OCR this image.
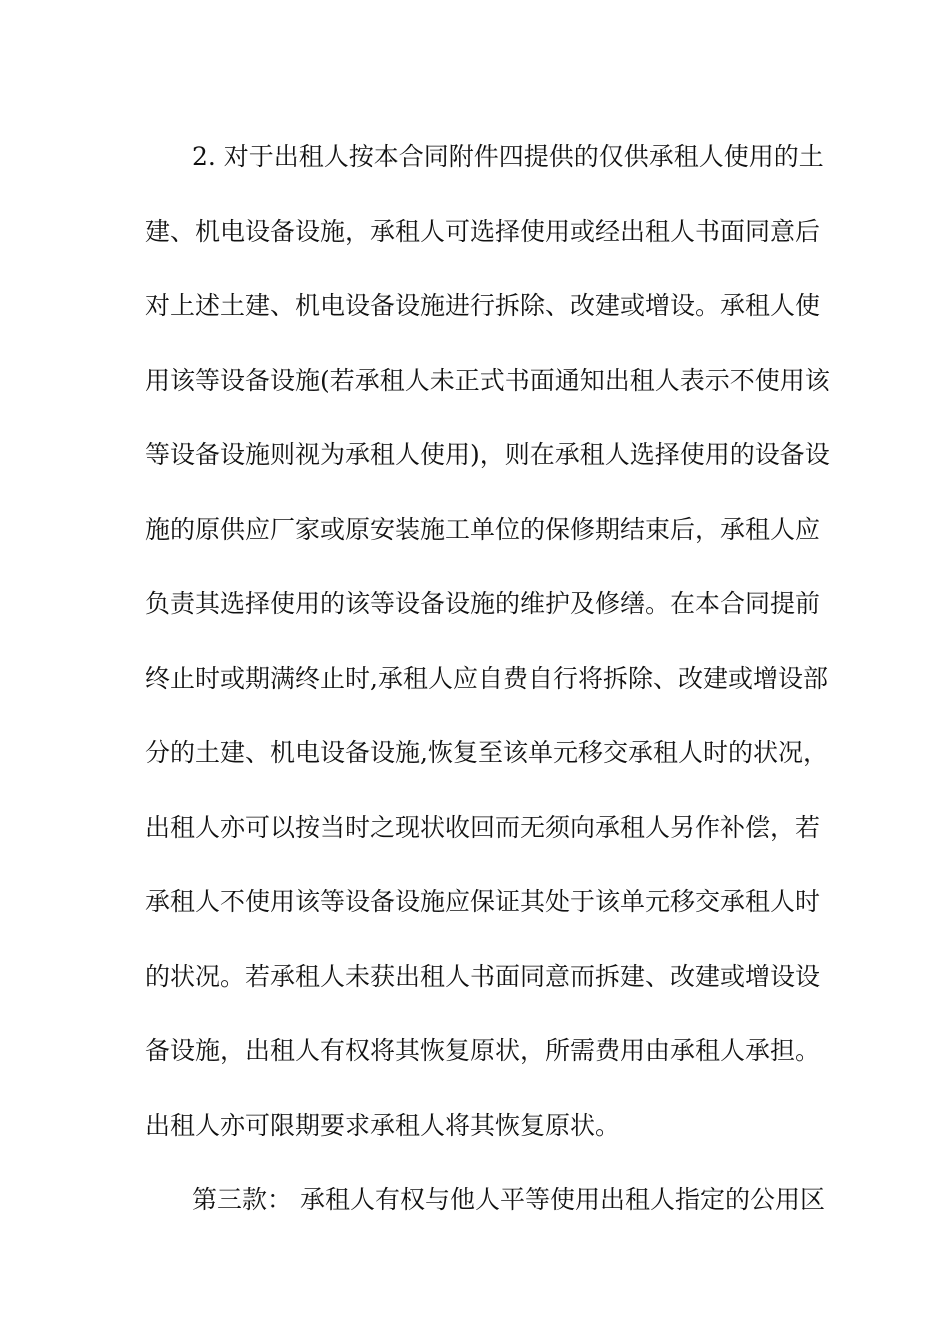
2. 对于出租人按本合同附件四提供的仅供承租人使用的土
建、机电设备设施，承租人可选择使用或经出租人书面同意后
对上述土建、机电设备设施进行拆除、改建或增设。承租人使
用该等设备设施(若承租人未正式书面通知出租人表示不使用该
等设备设施则视为承租人使用)，则在承租人选择使用的设备设
施的原供应厂家或原安装施工单位的保修期结束后，承租人应
负责其选择使用的该等设备设施的维护及修缮。在本合同提前
终止时或期满终止时,承租人应自费自行将拆除、改建或增设部
分的土建、机电设备设施,恢复至该单元移交承租人时的状况，
出租人亦可以按当时之现状收回而无须向承租人另作补偿，若
承租人不使用该等设备设施应保证其处于该单元移交承租人时
的状况。若承租人未获出租人书面同意而拆建、改建或增设设
备设施，出租人有权将其恢复原状，所需费用由承租人承担。
出租人亦可限期要求承租人将其恢复原状。
第三款： 承租人有权与他人平等使用出租人指定的公用区
